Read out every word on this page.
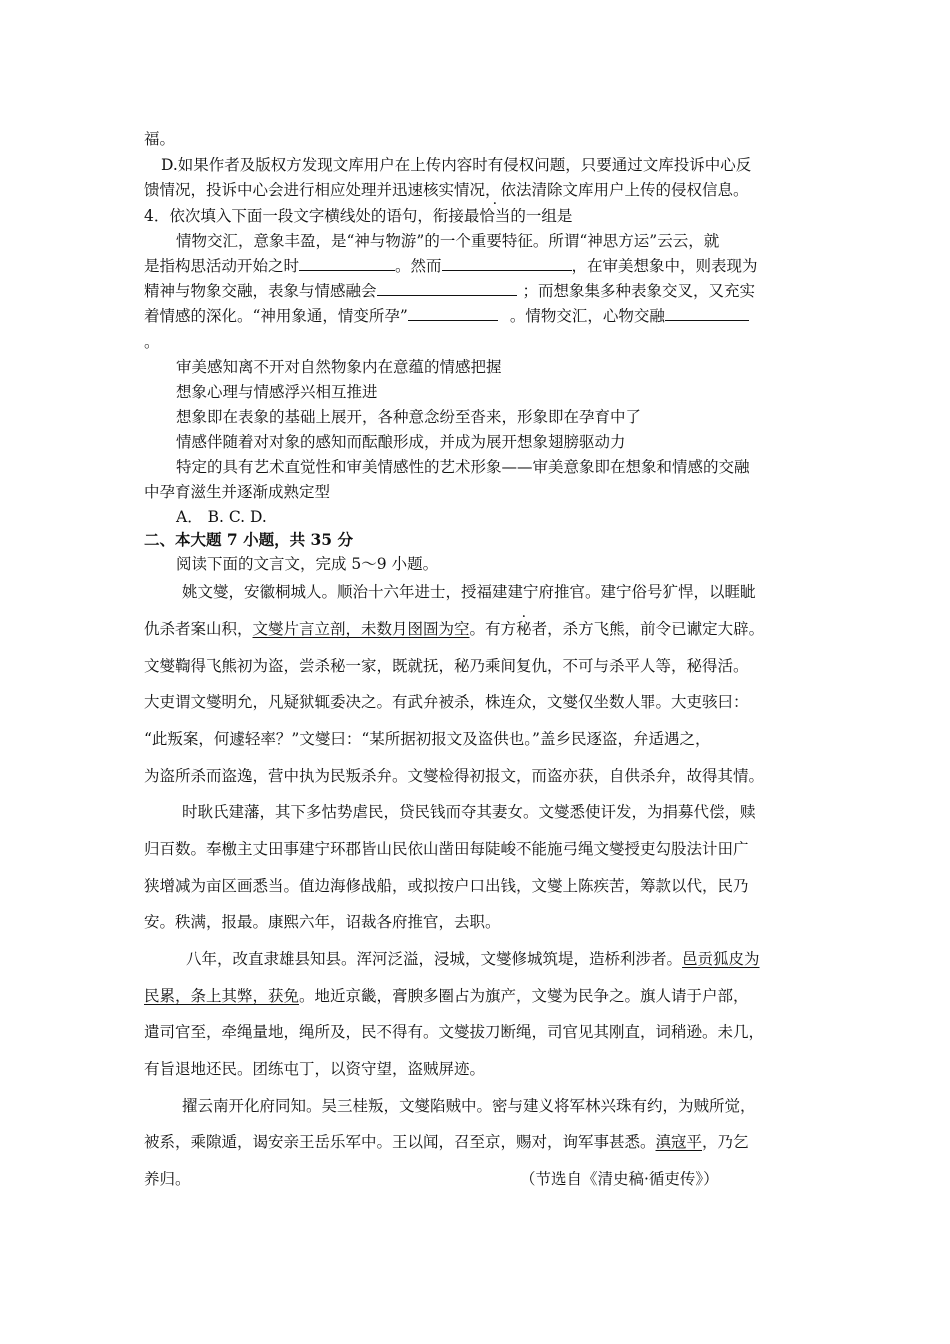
福。
D.如果作者及版权方发现文库用户在上传内容时有侵权问题，只要通过文库投诉中心反
馈情况，投诉中心会进行相应处理并迅速核实情况，依法清除文库用户上传的侵权信息。
4．依次填入下面一段文字横线处的语句，衔接最恰当的一组是
情物交汇，意象丰盈，是“神与物游”的一个重要特征。所谓“神思方运”云云，就
是指构思活动开始之时	。然而	，在审美想象中，则表现为
精神与物象交融，表象与情感融会	；而想象集多种表象交叉，又充实
着情感的深化。“神用象通，情变所孕”	。情物交汇，心物交融
。
审美感知离不开对自然物象内在意蕴的情感把握
想象心理与情感浮兴相互推进
想象即在表象的基础上展开，各种意念纷至沓来，形象即在孕育中了
情感伴随着对对象的感知而酝酿形成，并成为展开想象翅膀驱动力
特定的具有艺术直觉性和审美情感性的艺术形象——审美意象即在想象和情感的交融
中孕育滋生并逐渐成熟定型
A． B. C. D.
二、本大题 7 小题，共 35 分
阅读下面的文言文，完成 5～9 小题。
姚文燮，安徽桐城人。顺治十六年进士，授福建建宁府推官。建宁俗号犷悍，以睚眦
仇杀者案山积，文燮片言立剖，未数月囹圄为空。有方秘者，杀方飞熊，前令已谳定大辟。
文燮鞫得飞熊初为盗，尝杀秘一家，既就抚，秘乃乘间复仇，不可与杀平人等，秘得活。
大吏谓文燮明允，凡疑狱辄委决之。有武弁被杀，株连众，文燮仅坐数人罪。大吏骇曰：
“此叛案，何遽轻率？”文燮曰：“某所据初报文及盗供也。”盖乡民逐盗，弁适遇之，
为盗所杀而盗逸，营中执为民叛杀弁。文燮检得初报文，而盗亦获，自供杀弁，故得其情。
时耿氏建藩，其下多怙势虐民，贷民钱而夺其妻女。文燮悉使讦发，为捐募代偿，赎
归百数。奉檄主丈田事建宁环郡皆山民依山凿田每陡峻不能施弓绳文燮授吏勾股法计田广
狭增减为亩区画悉当。值边海修战船，或拟按户口出钱，文燮上陈疾苦，筹款以代，民乃
安。秩满，报最。康熙六年，诏裁各府推官，去职。
八年，改直隶雄县知县。浑河泛溢，浸城，文燮修城筑堤，造桥利涉者。邑贡狐皮为
民累，条上其弊，获免。地近京畿，膏腴多圈占为旗产，文燮为民争之。旗人请于户部，
遣司官至，牵绳量地，绳所及，民不得有。文燮拔刀断绳，司官见其刚直，词稍逊。未几，
有旨退地还民。团练屯丁，以资守望，盗贼屏迹。
擢云南开化府同知。吴三桂叛，文燮陷贼中。密与建义将军林兴珠有约，为贼所觉，
被系，乘隙遁，谒安亲王岳乐军中。王以闻，召至京，赐对，询军事甚悉。滇寇平，乃乞
养归。	（节选自《清史稿·循吏传》）
